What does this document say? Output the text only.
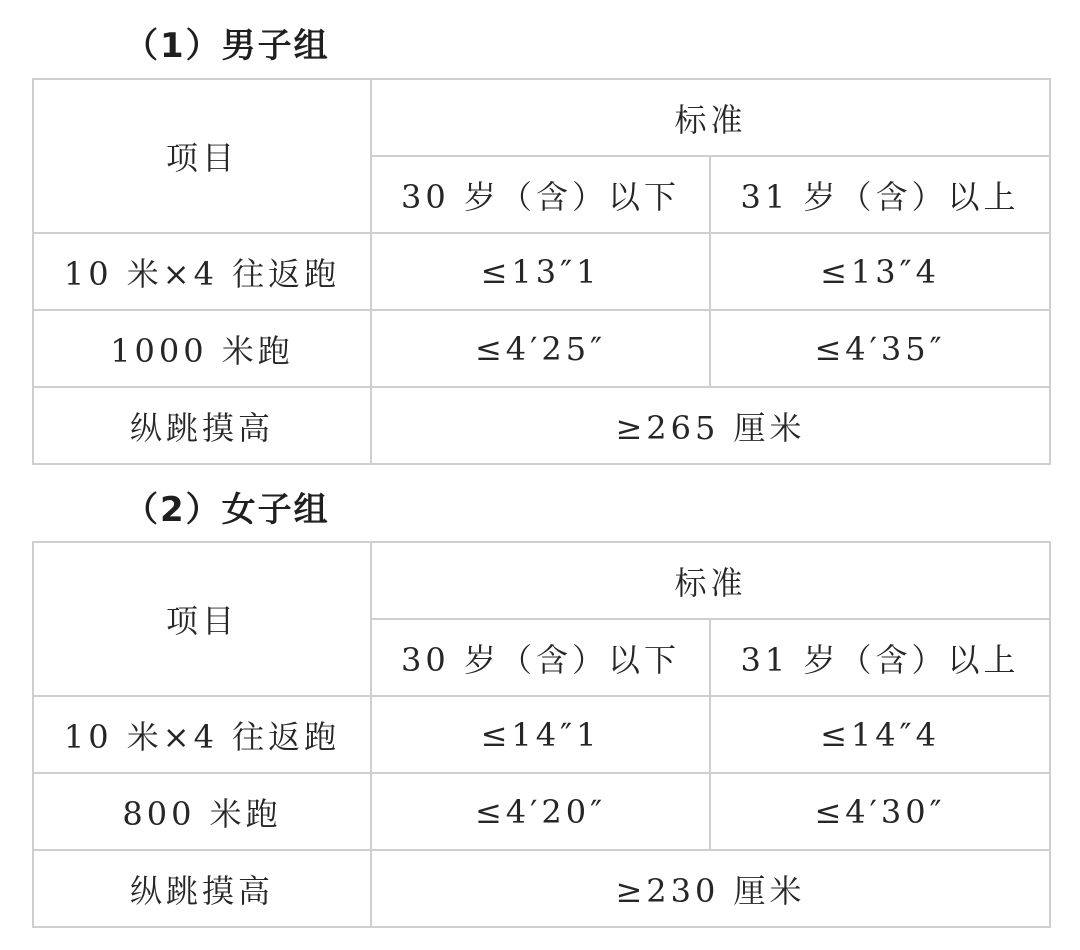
（1）男子组
项目	标准	
	30 岁（含）以下	31 岁（含）以上
10 米×4 往返跑	≤13″1	≤13″4
1000 米跑	≤4′25″	≤4′35″
纵跳摸高	≥265 厘米	
（2）女子组
项目	标准	
	30 岁（含）以下	31 岁（含）以上
10 米×4 往返跑	≤14″1	≤14″4
800 米跑	≤4′20″	≤4′30″
纵跳摸高	≥230 厘米	
